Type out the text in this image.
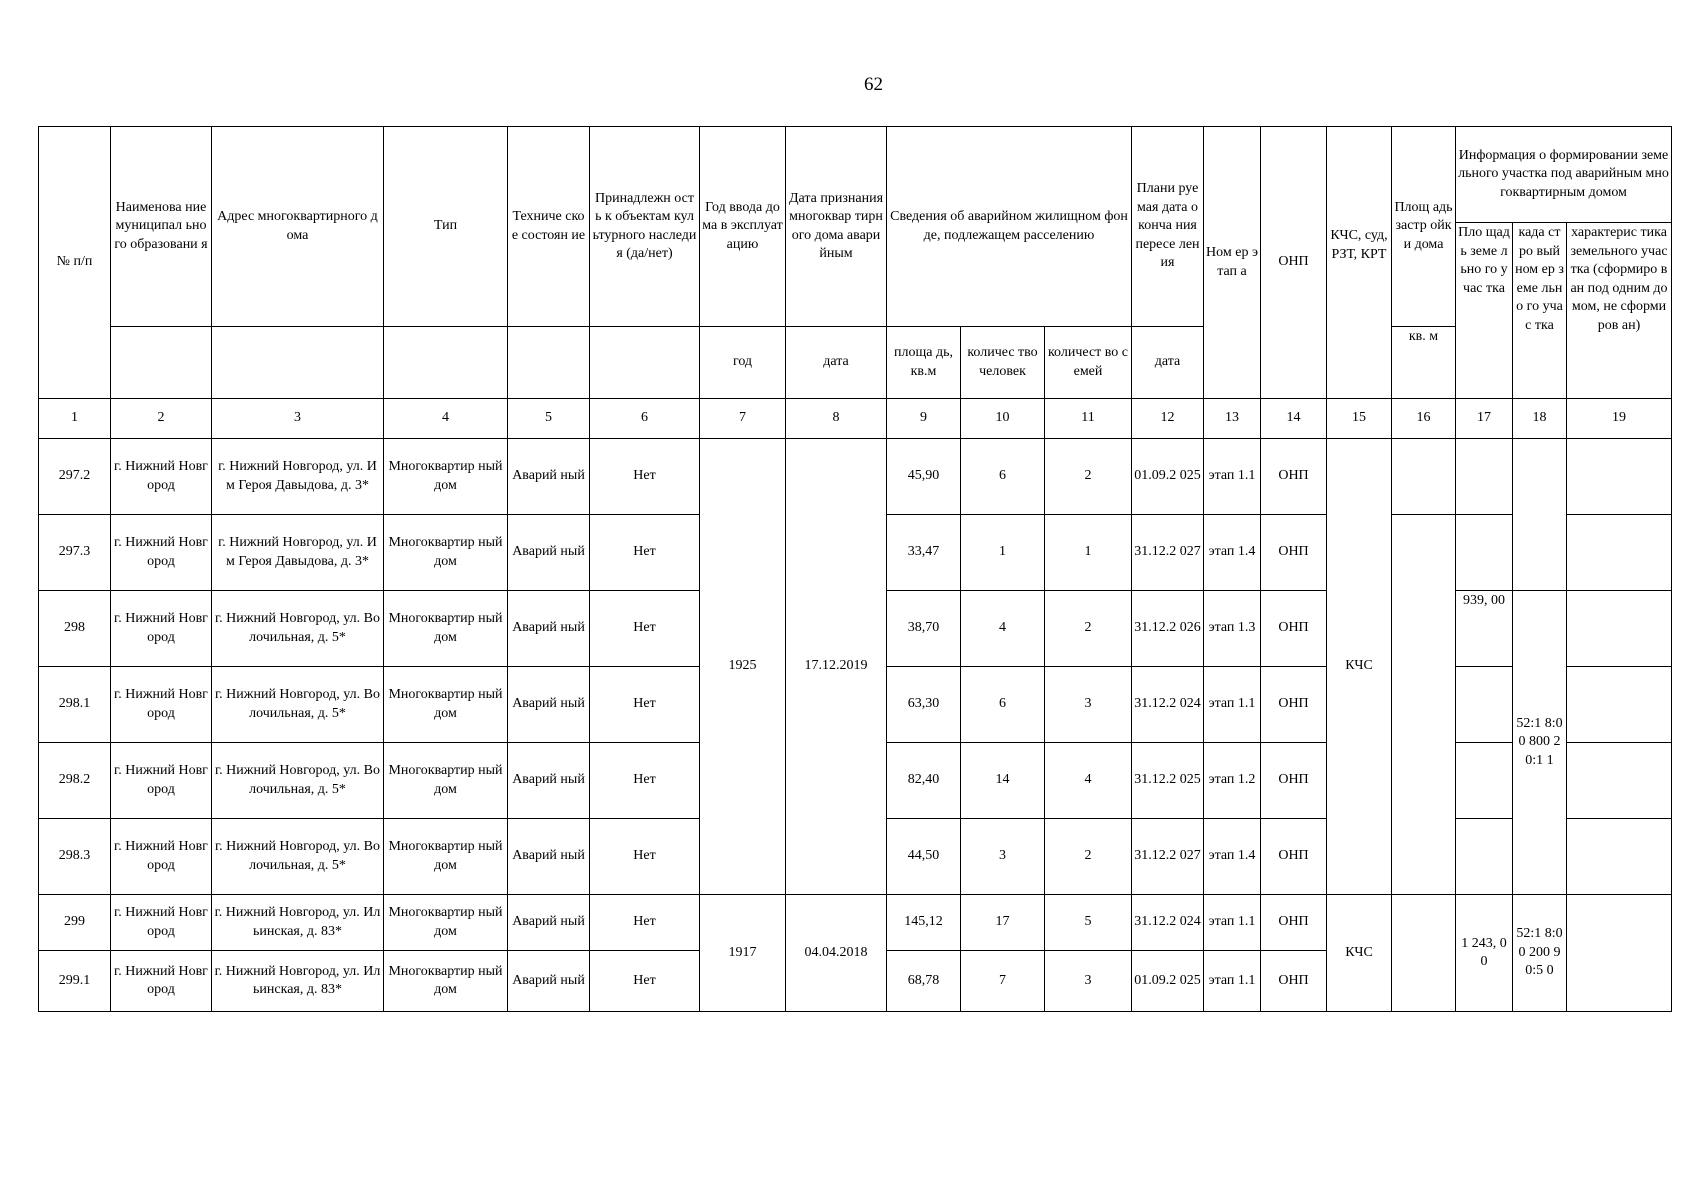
62
№ п/п	Наименова ние муниципал ьного образовани я	Адрес многоквартирного дома	Тип	Техниче ское состоян ие	Принадлежн ость к объектам культурного наследия (да/нет)	Год ввода дома в эксплуат ацию	Дата признания многоквар тирного дома аварийным	Сведения об аварийном жилищном фонде, подлежащем расселению			Плани руемая дата оконча ния пересе ления	Ном ер этап а	ОНП	КЧС, суд, РЗТ, КРТ	Площ адь застр ойки дома	Информация о формировании земельного участка под аварийным многоквартирным домом		
																Пло щадь земе льно го учас тка	када стро вый ном ер земе льно го учас тка	характерис тика земельного участка (сформиро ван под одним домом, не сформиров ан)
						год	дата	площа дь, кв.м	количес тво человек	количест во семей	дата				кв. м			
1	2	3	4	5	6	7	8	9	10	11	12	13	14	15	16	17	18	19
297.2	г. Нижний Новгород	г. Нижний Новгород, ул. Им Героя Давыдова, д. 3*	Многоквартир ный дом	Аварий ный	Нет	1925	17.12.2019	45,90	6	2	01.09.2 025	этап 1.1	ОНП	КЧС				
297.3	г. Нижний Новгород	г. Нижний Новгород, ул. Им Героя Давыдова, д. 3*	Многоквартир ный дом	Аварий ный	Нет			33,47	1	1	31.12.2 027	этап 1.4	ОНП					
298	г. Нижний Новгород	г. Нижний Новгород, ул. Волочильная, д. 5*	Многоквартир ный дом	Аварий ный	Нет			38,70	4	2	31.12.2 026	этап 1.3	ОНП			939, 00	52:1 8:00 800 20:1 1	
298.1	г. Нижний Новгород	г. Нижний Новгород, ул. Волочильная, д. 5*	Многоквартир ный дом	Аварий ный	Нет			63,30	6	3	31.12.2 024	этап 1.1	ОНП					
298.2	г. Нижний Новгород	г. Нижний Новгород, ул. Волочильная, д. 5*	Многоквартир ный дом	Аварий ный	Нет			82,40	14	4	31.12.2 025	этап 1.2	ОНП					
298.3	г. Нижний Новгород	г. Нижний Новгород, ул. Волочильная, д. 5*	Многоквартир ный дом	Аварий ный	Нет			44,50	3	2	31.12.2 027	этап 1.4	ОНП					
299	г. Нижний Новгород	г. Нижний Новгород, ул. Ильинская, д. 83*	Многоквартир ный дом	Аварий ный	Нет	1917	04.04.2018	145,12	17	5	31.12.2 024	этап 1.1	ОНП	КЧС		1 243, 00	52:1 8:00 200 90:5 0	
299.1	г. Нижний Новгород	г. Нижний Новгород, ул. Ильинская, д. 83*	Многоквартир ный дом	Аварий ный	Нет			68,78	7	3	01.09.2 025	этап 1.1	ОНП					
